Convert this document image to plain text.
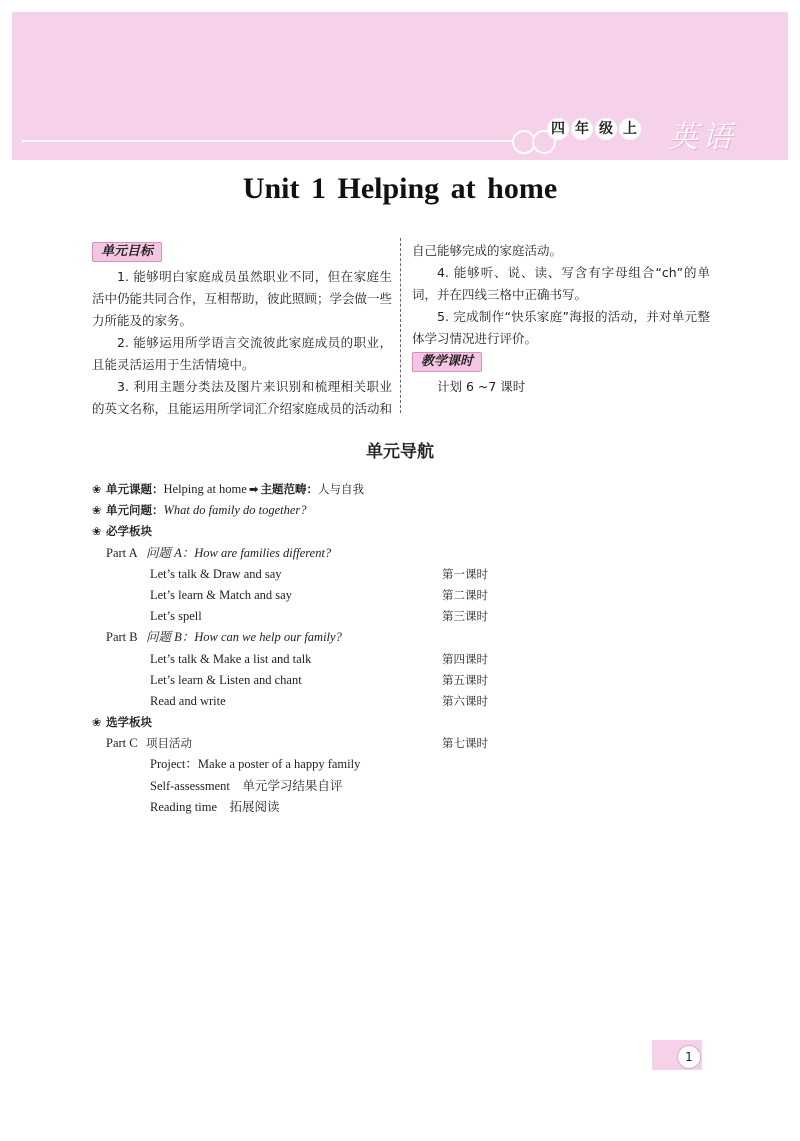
四 年 级 上 英语
Unit 1 Helping at home
单元目标

1. 能够明白家庭成员虽然职业不同，但在家庭生活中仍能共同合作，互相帮助，彼此照顾；学会做一些力所能及的家务。

2. 能够运用所学语言交流彼此家庭成员的职业，且能灵活运用于生活情境中。

3. 利用主题分类法及图片来识别和梳理相关职业的英文名称，且能运用所学词汇介绍家庭成员的活动和

自己能够完成的家庭活动。

4. 能够听、说、读、写含有字母组合“ch”的单词，并在四线三格中正确书写。

5. 完成制作“快乐家庭”海报的活动，并对单元整体学习情况进行评价。

教学课时

计划 6 ~7 课时

单元导航
❀ 单元课题：Helping at home ➡ 主题范畴：人与自我
❀ 单元问题：What do family do together?
❀ 必学板块
Part A 问题 A：How are families different?
Let’s talk & Draw and say	第一课时
Let’s learn & Match and say	第二课时
Let’s spell	第三课时
Part B 问题 B：How can we help our family?
Let’s talk & Make a list and talk	第四课时
Let’s learn & Listen and chant	第五课时
Read and write	第六课时
❀ 选学板块
Part C 项目活动	第七课时
Project：Make a poster of a happy family
Self-assessment    单元学习结果自评
Reading time    拓展阅读
1
